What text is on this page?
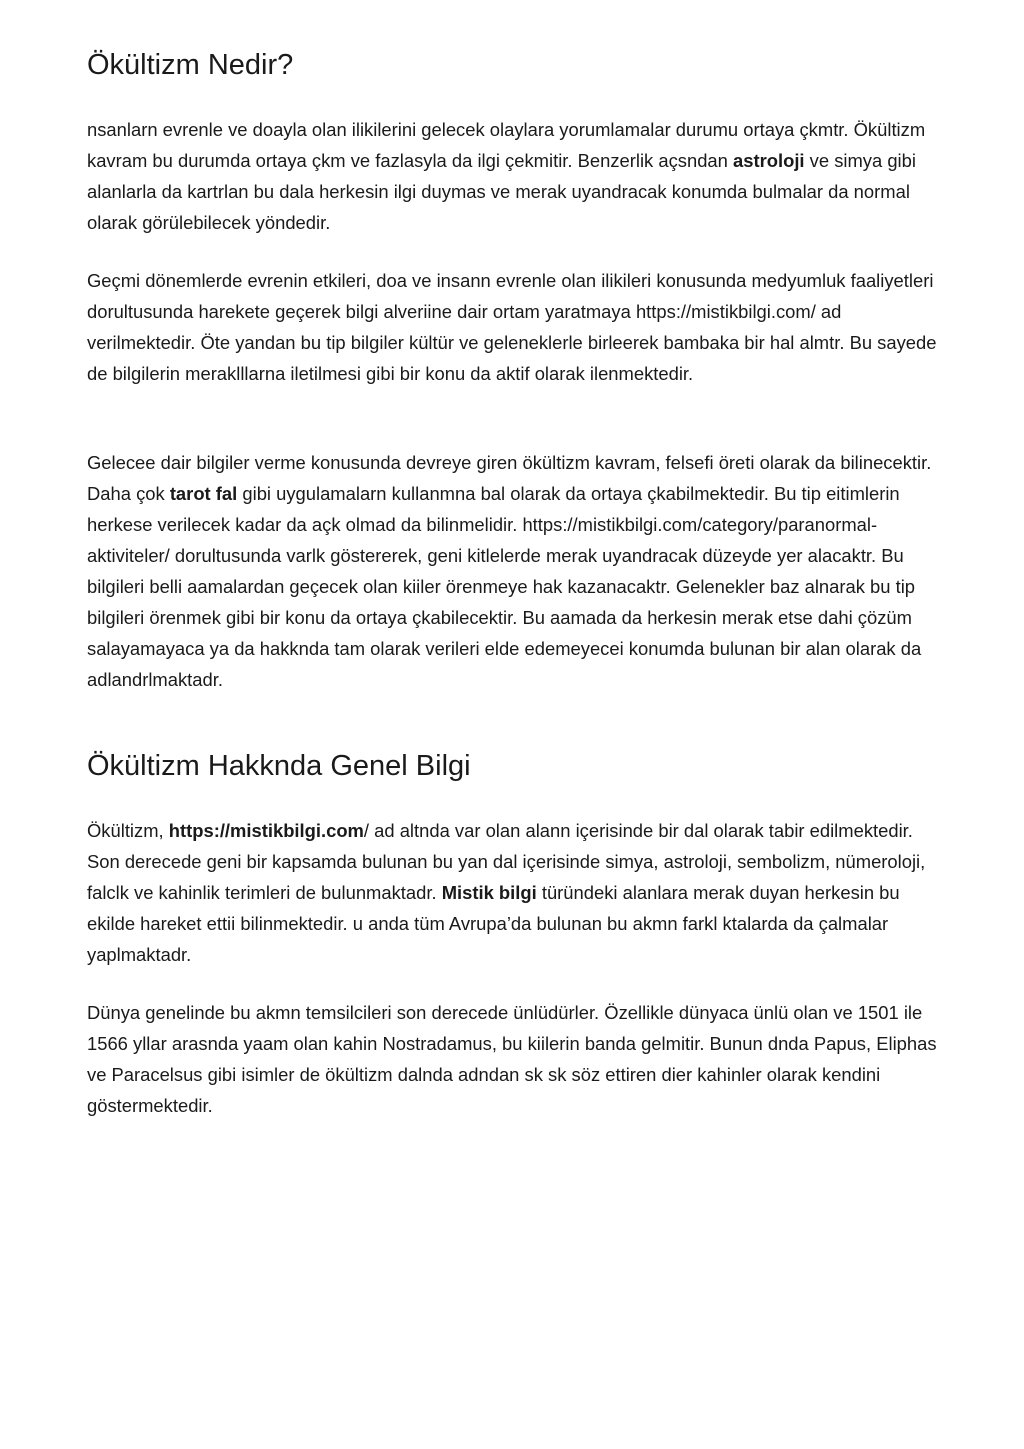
Ökültizm Nedir?

nsanlarn evrenle ve doayla olan ilikilerini gelecek olaylara yorumlamalar durumu ortaya çkmtr. Ökültizm kavram bu durumda ortaya çkm ve fazlasyla da ilgi çekmitir. Benzerlik açsndan astroloji ve simya gibi alanlarla da kartrlan bu dala herkesin ilgi duymas ve merak uyandracak konumda bulmalar da normal olarak görülebilecek yöndedir.

Geçmi dönemlerde evrenin etkileri, doa ve insann evrenle olan ilikileri konusunda medyumluk faaliyetleri dorultusunda harekete geçerek bilgi alveriine dair ortam yaratmaya https://mistikbilgi.com/ ad verilmektedir. Öte yandan bu tip bilgiler kültür ve geleneklerle birleerek bambaka bir hal almtr. Bu sayede de bilgilerin meraklllarna iletilmesi gibi bir konu da aktif olarak ilenmektedir.

Gelecee dair bilgiler verme konusunda devreye giren ökültizm kavram, felsefi öreti olarak da bilinecektir. Daha çok tarot fal gibi uygulamalarn kullanmna bal olarak da ortaya çkabilmektedir. Bu tip eitimlerin herkese verilecek kadar da açk olmad da bilinmelidir. https://mistikbilgi.com/category/paranormal-aktiviteler/ dorultusunda varlk göstererek, geni kitlelerde merak uyandracak düzeyde yer alacaktr. Bu bilgileri belli aamalardan geçecek olan kiiler örenmeye hak kazanacaktr. Gelenekler baz alnarak bu tip bilgileri örenmek gibi bir konu da ortaya çkabilecektir. Bu aamada da herkesin merak etse dahi çözüm salayamayaca ya da hakknda tam olarak verileri elde edemeyecei konumda bulunan bir alan olarak da adlandrlmaktadr.

Ökültizm Hakknda Genel Bilgi

Ökültizm, https://mistikbilgi.com/ ad altnda var olan alann içerisinde bir dal olarak tabir edilmektedir. Son derecede geni bir kapsamda bulunan bu yan dal içerisinde simya, astroloji, sembolizm, nümeroloji, falclk ve kahinlik terimleri de bulunmaktadr. Mistik bilgi türündeki alanlara merak duyan herkesin bu ekilde hareket ettii bilinmektedir. u anda tüm Avrupa’da bulunan bu akmn farkl ktalarda da çalmalar yaplmaktadr.

Dünya genelinde bu akmn temsilcileri son derecede ünlüdürler. Özellikle dünyaca ünlü olan ve 1501 ile 1566 yllar arasnda yaam olan kahin Nostradamus, bu kiilerin banda gelmitir. Bunun dnda Papus, Eliphas ve Paracelsus gibi isimler de ökültizm dalnda adndan sk sk söz ettiren dier kahinler olarak kendini göstermektedir.
